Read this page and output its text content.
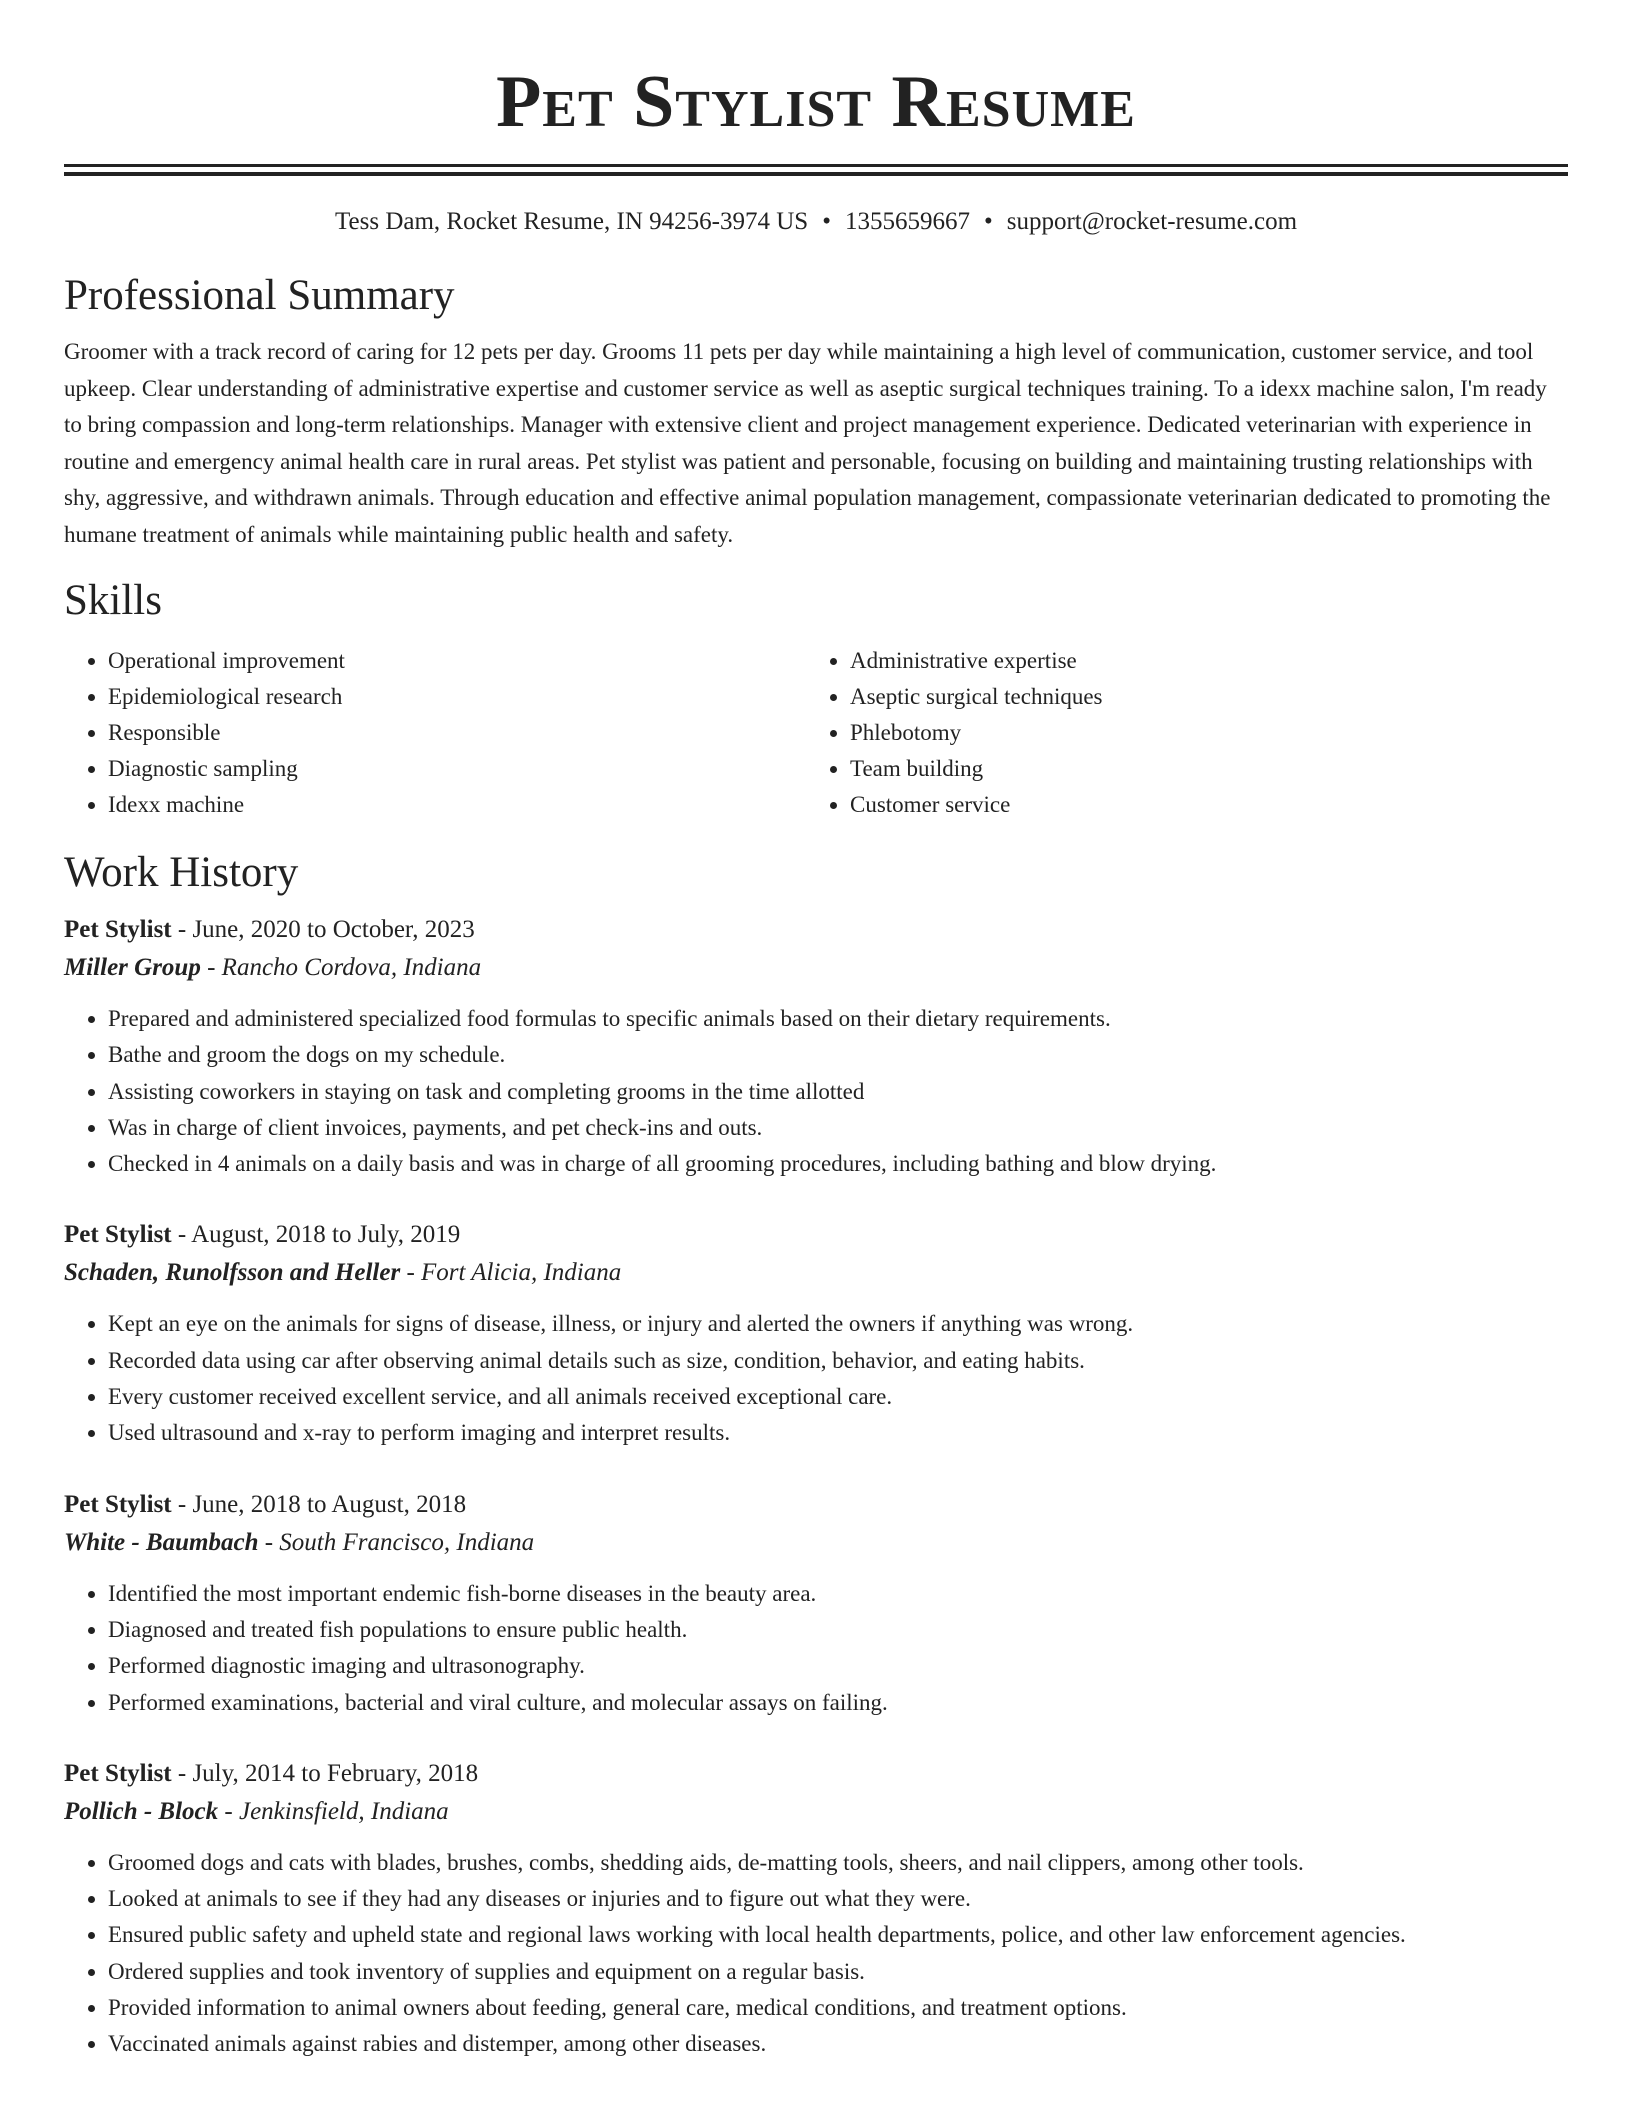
Pet Stylist Resume
Tess Dam, Rocket Resume, IN 94256-3974 US • 1355659667 • support@rocket-resume.com
Professional Summary
Groomer with a track record of caring for 12 pets per day. Grooms 11 pets per day while maintaining a high level of communication, customer service, and tool upkeep. Clear understanding of administrative expertise and customer service as well as aseptic surgical techniques training. To a idexx machine salon, I'm ready to bring compassion and long-term relationships. Manager with extensive client and project management experience. Dedicated veterinarian with experience in routine and emergency animal health care in rural areas. Pet stylist was patient and personable, focusing on building and maintaining trusting relationships with shy, aggressive, and withdrawn animals. Through education and effective animal population management, compassionate veterinarian dedicated to promoting the humane treatment of animals while maintaining public health and safety.
Skills
• Operational improvement
• Epidemiological research
• Responsible
• Diagnostic sampling
• Idexx machine
• Administrative expertise
• Aseptic surgical techniques
• Phlebotomy
• Team building
• Customer service
Work History
Pet Stylist - June, 2020 to October, 2023
Miller Group - Rancho Cordova, Indiana
• Prepared and administered specialized food formulas to specific animals based on their dietary requirements.
• Bathe and groom the dogs on my schedule.
• Assisting coworkers in staying on task and completing grooms in the time allotted
• Was in charge of client invoices, payments, and pet check-ins and outs.
• Checked in 4 animals on a daily basis and was in charge of all grooming procedures, including bathing and blow drying.
Pet Stylist - August, 2018 to July, 2019
Schaden, Runolfsson and Heller - Fort Alicia, Indiana
• Kept an eye on the animals for signs of disease, illness, or injury and alerted the owners if anything was wrong.
• Recorded data using car after observing animal details such as size, condition, behavior, and eating habits.
• Every customer received excellent service, and all animals received exceptional care.
• Used ultrasound and x-ray to perform imaging and interpret results.
Pet Stylist - June, 2018 to August, 2018
White - Baumbach - South Francisco, Indiana
• Identified the most important endemic fish-borne diseases in the beauty area.
• Diagnosed and treated fish populations to ensure public health.
• Performed diagnostic imaging and ultrasonography.
• Performed examinations, bacterial and viral culture, and molecular assays on failing.
Pet Stylist - July, 2014 to February, 2018
Pollich - Block - Jenkinsfield, Indiana
• Groomed dogs and cats with blades, brushes, combs, shedding aids, de-matting tools, sheers, and nail clippers, among other tools.
• Looked at animals to see if they had any diseases or injuries and to figure out what they were.
• Ensured public safety and upheld state and regional laws working with local health departments, police, and other law enforcement agencies.
• Ordered supplies and took inventory of supplies and equipment on a regular basis.
• Provided information to animal owners about feeding, general care, medical conditions, and treatment options.
• Vaccinated animals against rabies and distemper, among other diseases.
